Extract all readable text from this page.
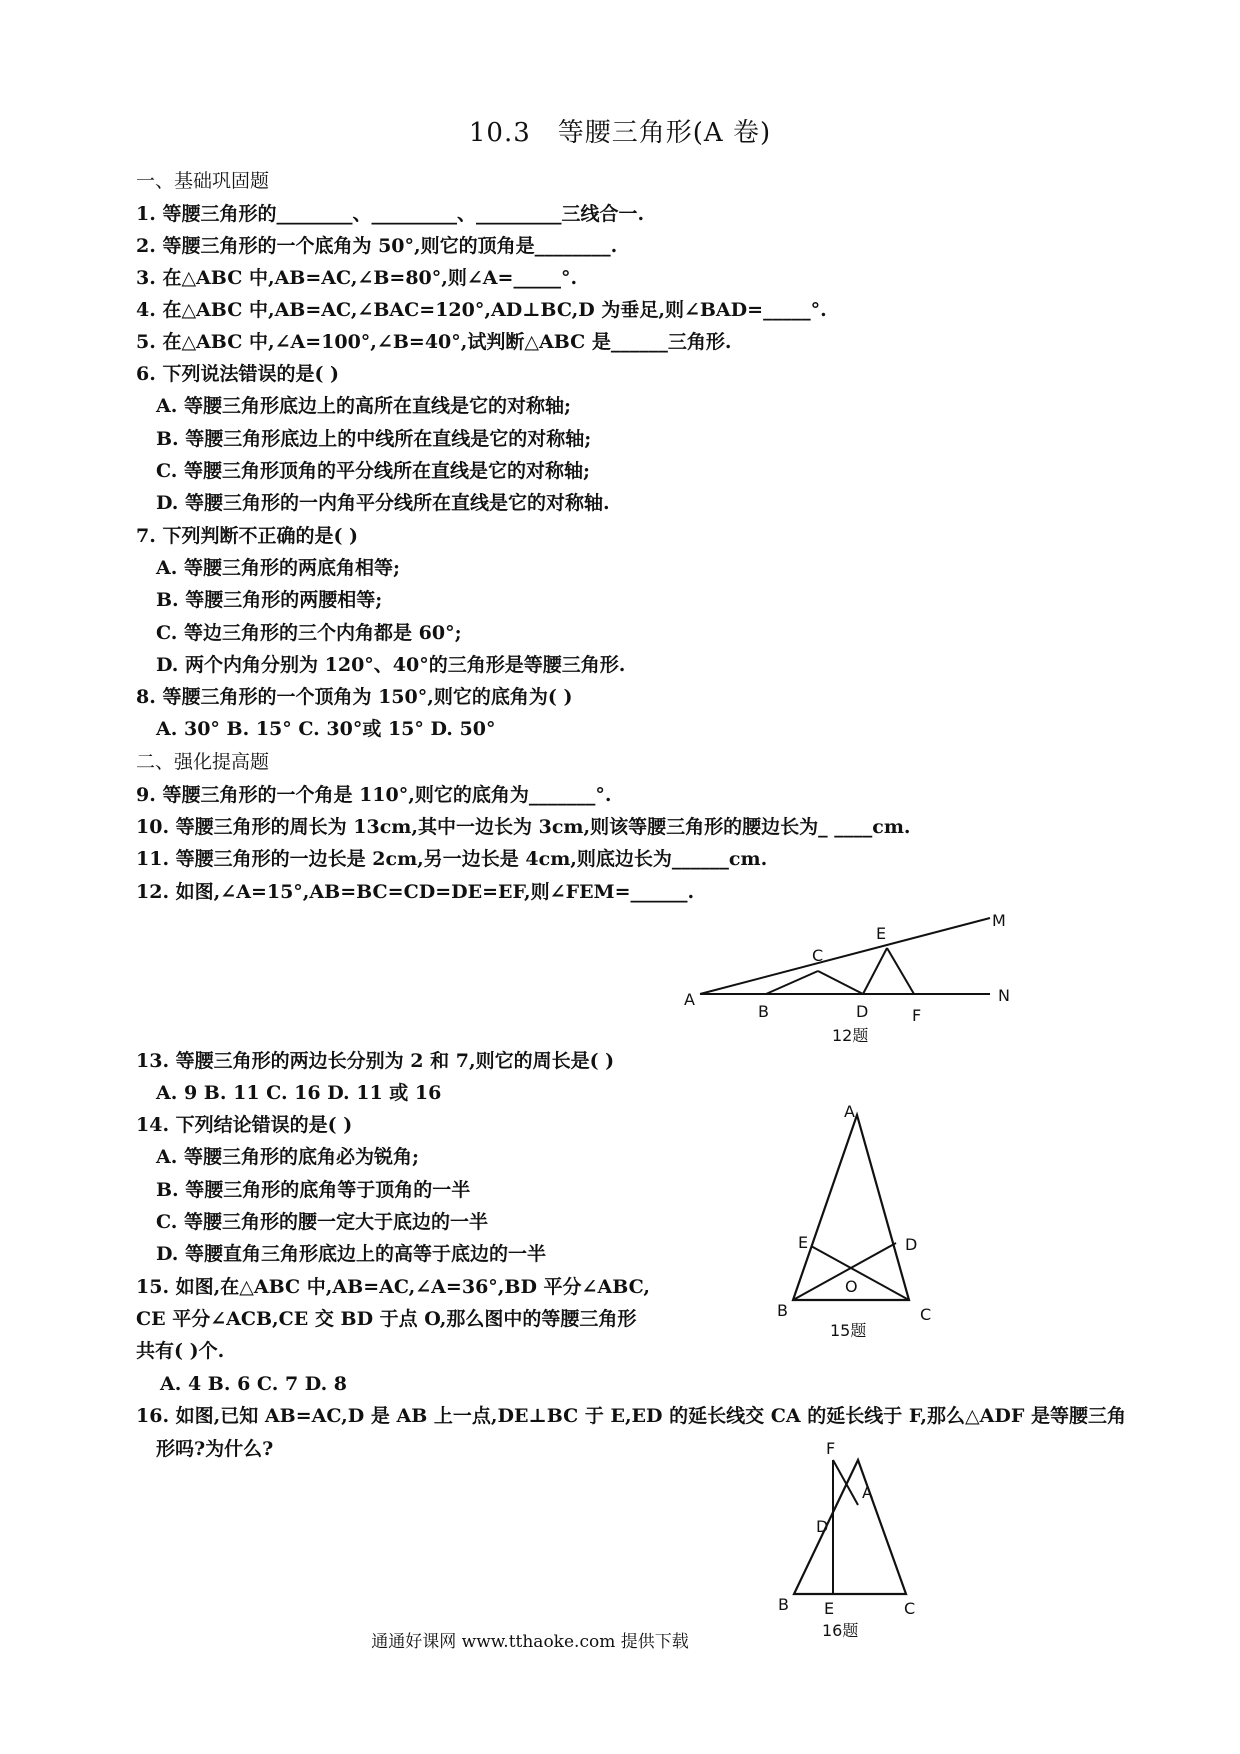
10.3　等腰三角形(A 卷)
一、基础巩固题
1. 等腰三角形的________、_________、_________三线合一.
2. 等腰三角形的一个底角为 50°,则它的顶角是________.
3. 在△ABC 中,AB=AC,∠B=80°,则∠A=_____°.
4. 在△ABC 中,AB=AC,∠BAC=120°,AD⊥BC,D 为垂足,则∠BAD=_____°.
5. 在△ABC 中,∠A=100°,∠B=40°,试判断△ABC 是______三角形.
6. 下列说法错误的是( )
A. 等腰三角形底边上的高所在直线是它的对称轴;
B. 等腰三角形底边上的中线所在直线是它的对称轴;
C. 等腰三角形顶角的平分线所在直线是它的对称轴;
D. 等腰三角形的一内角平分线所在直线是它的对称轴.
7. 下列判断不正确的是( )
A. 等腰三角形的两底角相等;
B. 等腰三角形的两腰相等;
C. 等边三角形的三个内角都是 60°;
D. 两个内角分别为 120°、40°的三角形是等腰三角形.
8. 等腰三角形的一个顶角为 150°,则它的底角为( )
A. 30° B. 15° C. 30°或 15° D. 50°
二、强化提高题
9. 等腰三角形的一个角是 110°,则它的底角为_______°.
10. 等腰三角形的周长为 13cm,其中一边长为 3cm,则该等腰三角形的腰边长为_ ____cm.
11. 等腰三角形的一边长是 2cm,另一边长是 4cm,则底边长为______cm.
12. 如图,∠A=15°,AB=BC=CD=DE=EF,则∠FEM=______.
A
B
C
D
E
F
M
N
12题
13. 等腰三角形的两边长分别为 2 和 7,则它的周长是( )
A. 9 B. 11 C. 16 D. 11 或 16
14. 下列结论错误的是( )
A. 等腰三角形的底角必为锐角;
B. 等腰三角形的底角等于顶角的一半
C. 等腰三角形的腰一定大于底边的一半
D. 等腰直角三角形底边上的高等于底边的一半
15. 如图,在△ABC 中,AB=AC,∠A=36°,BD 平分∠ABC,
CE 平分∠ACB,CE 交 BD 于点 O,那么图中的等腰三角形
共有( )个.
A. 4 B. 6 C. 7 D. 8
A
B	C
D
E
O
15题
16. 如图,已知 AB=AC,D 是 AB 上一点,DE⊥BC 于 E,ED 的延长线交 CA 的延长线于 F,那么△ADF 是等腰三角
形吗?为什么?	F
A
D
B E	C
16题
通通好课网 www.tthaoke.com 提供下载
